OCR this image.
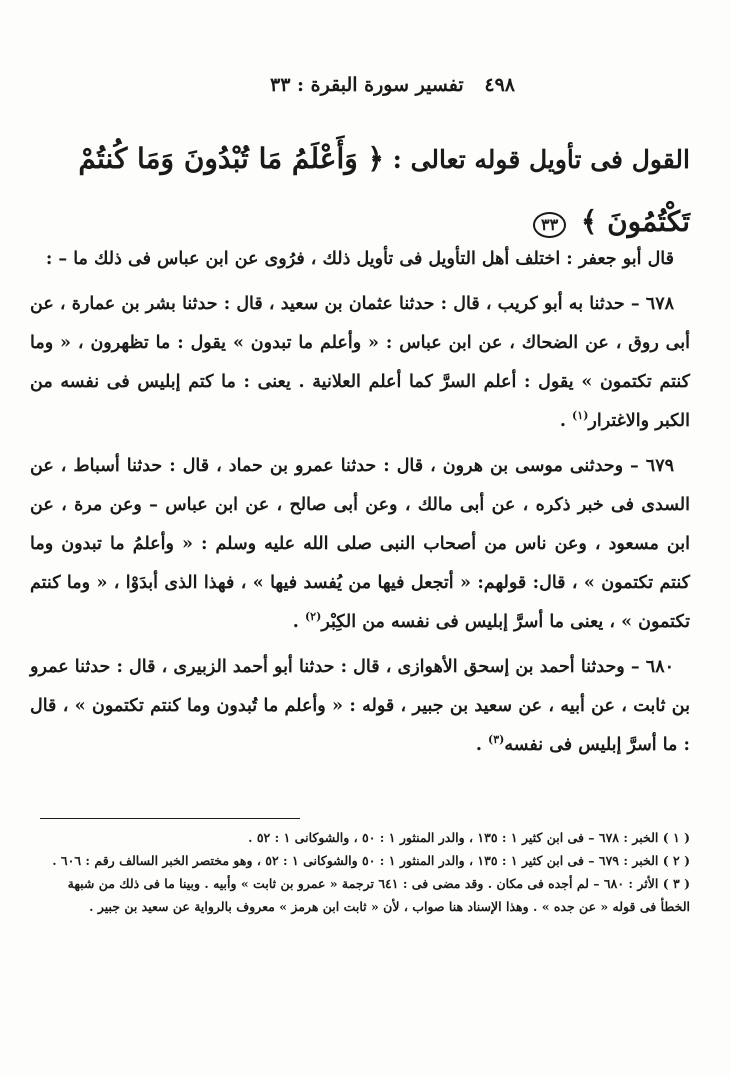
٤٩٨
تفسير سورة البقرة : ٣٣
القول فى تأويل قوله تعالى : ﴿ وَأَعْلَمُ مَا تُبْدُونَ وَمَا كُنتُمْ تَكْتُمُونَ ﴾ ٣٣

قال أبو جعفر : اختلف أهل التأويل فى تأويل ذلك ، فرُوى عن ابن عباس فى ذلك ما – :

٦٧٨ – حدثنا به أبو كريب ، قال : حدثنا عثمان بن سعيد ، قال : حدثنا بشر بن عمارة ، عن أبى روق ، عن الضحاك ، عن ابن عباس : « وأعلم ما تبدون » يقول : ما تظهرون ، « وما كنتم تكتمون » يقول : أعلم السرَّ كما أعلم العلانية . يعنى : ما كتم إبليس فى نفسه من الكبر والاغترار$^{(١)}$ .

٦٧٩ – وحدثنى موسى بن هرون ، قال : حدثنا عمرو بن حماد ، قال : حدثنا أسباط ، عن السدى فى خبر ذكره ، عن أبى مالك ، وعن أبى صالح ، عن ابن عباس – وعن مرة ، عن ابن مسعود ، وعن ناس من أصحاب النبى صلى الله عليه وسلم : « وأعلمُ ما تبدون وما كنتم تكتمون » ، قال: قولهم: « أتجعل فيها من يُفسد فيها » ، فهذا الذى أبدَوْا ، « وما كنتم تكتمون » ، يعنى ما أسرَّ إبليس فى نفسه من الكِبْر$^{(٢)}$ .

٦٨٠ – وحدثنا أحمد بن إسحق الأهوازى ، قال : حدثنا أبو أحمد الزبيرى ، قال : حدثنا عمرو بن ثابت ، عن أبيه ، عن سعيد بن جبير ، قوله : « وأعلم ما تُبدون وما كنتم تكتمون » ، قال : ما أسرَّ إبليس فى نفسه$^{(٣)}$ .

( ١ ) الخبر : ٦٧٨ – فى ابن كثير ١ : ١٣٥ ، والدر المنثور ١ : ٥٠ ، والشوكانى ١ : ٥٢ .

( ٢ ) الخبر : ٦٧٩ – فى ابن كثير ١ : ١٣٥ ، والدر المنثور ١ : ٥٠ والشوكانى ١ : ٥٢ ، وهو مختصر الخبر السالف رقم : ٦٠٦ .

( ٣ ) الأثر : ٦٨٠ – لم أجده فى مكان . وقد مضى فى : ٦٤١ ترجمة « عمرو بن ثابت » وأبيه . وبينا ما فى ذلك من شبهة الخطأ فى قوله « عن جده » . وهذا الإسناد هنا صواب ، لأن « ثابت ابن هرمز » معروف بالرواية عن سعيد بن جبير .
